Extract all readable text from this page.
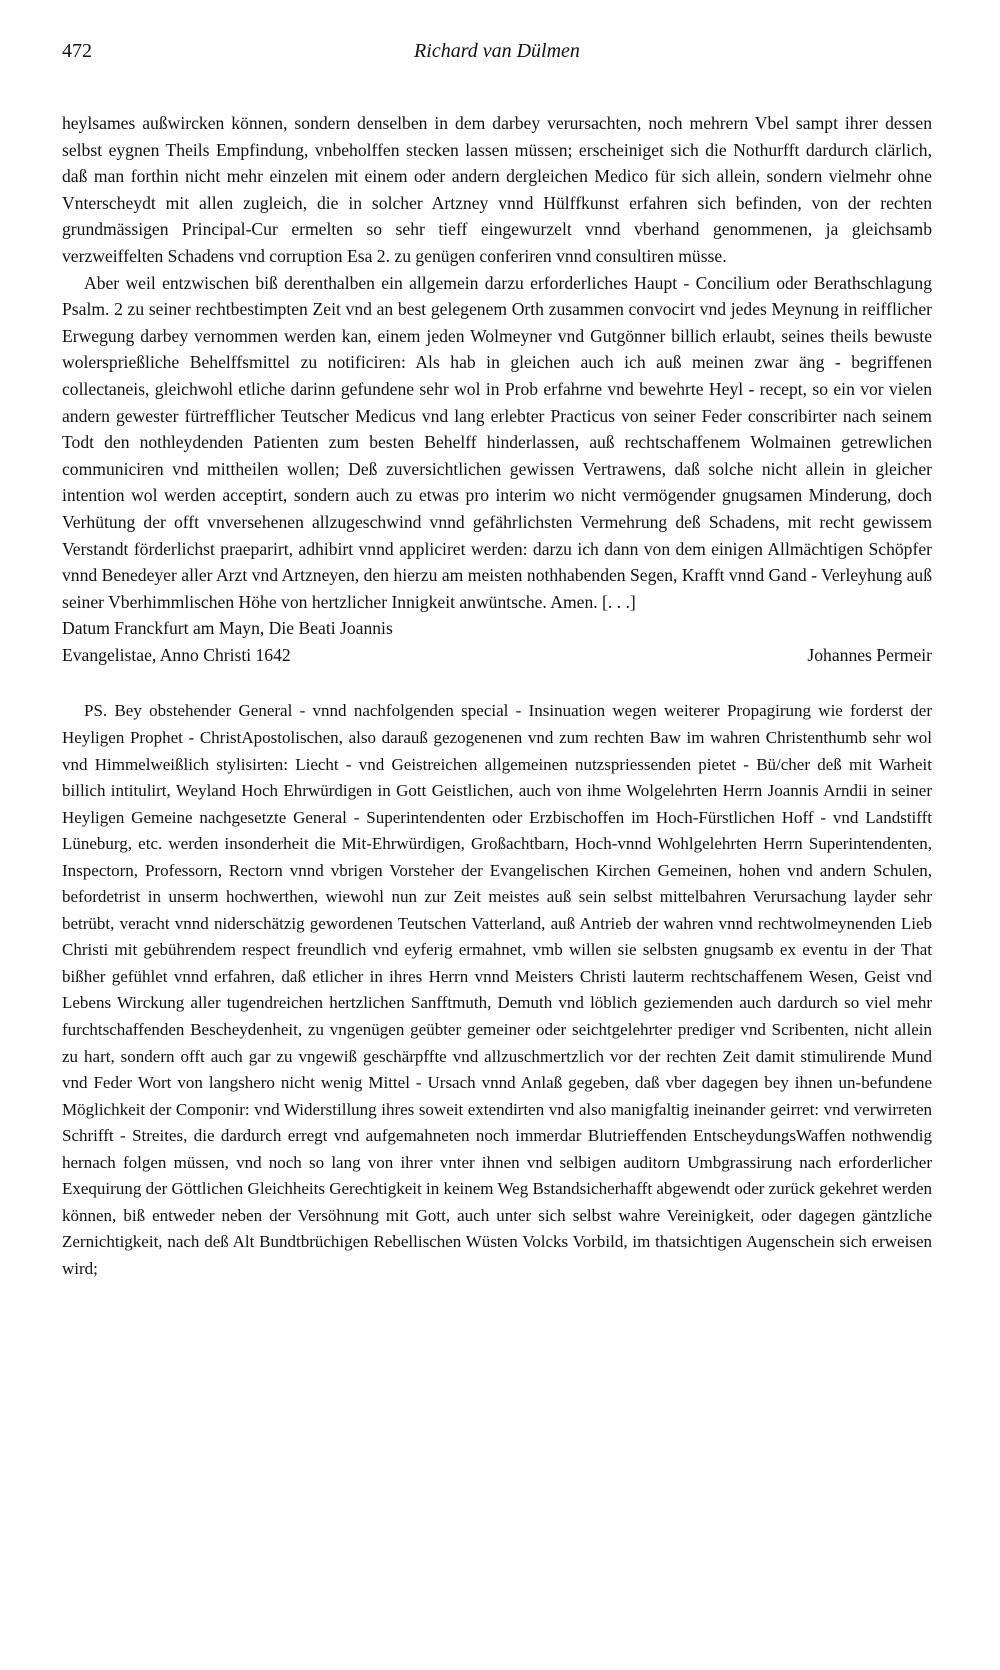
472	Richard van Dülmen

heylsames außwircken können, sondern denselben in dem darbey verursachten, noch mehrern Vbel sampt ihrer dessen selbst eygnen Theils Empfindung, vnbeholffen stecken lassen müssen; erscheiniget sich die Nothurfft dardurch clärlich, daß man forthin nicht mehr einzelen mit einem oder andern dergleichen Medico für sich allein, sondern vielmehr ohne Vnterscheydt mit allen zugleich, die in solcher Artzney vnnd Hülffkunst erfahren sich befinden, von der rechten grundmässigen Principal-Cur ermelten so sehr tieff eingewurzelt vnnd vberhand genommenen, ja gleichsamb verzweiffelten Schadens vnd corruption Esa 2. zu genügen conferiren vnnd consultiren müsse.

Aber weil entzwischen biß derenthalben ein allgemein darzu erforderliches Haupt - Concilium oder Berathschlagung Psalm. 2 zu seiner rechtbestimpten Zeit vnd an best gelegenem Orth zusammen convocirt vnd jedes Meynung in reifflicher Erwegung darbey vernommen werden kan, einem jeden Wolmeyner vnd Gutgönner billich erlaubt, seines theils bewuste wolersprießliche Behelffsmittel zu notificiren: Als hab in gleichen auch ich auß meinen zwar äng - begriffenen collectaneis, gleichwohl etliche darinn gefundene sehr wol in Prob erfahrne vnd bewehrte Heyl - recept, so ein vor vielen andern gewester fürtrefflicher Teutscher Medicus vnd lang erlebter Practicus von seiner Feder conscribirter nach seinem Todt den nothleydenden Patienten zum besten Behelff hinderlassen, auß rechtschaffenem Wolmainen getrewlichen communiciren vnd mittheilen wollen; Deß zuversichtlichen gewissen Vertrawens, daß solche nicht allein in gleicher intention wol werden acceptirt, sondern auch zu etwas pro interim wo nicht vermögender gnugsamen Minderung, doch Verhütung der offt vnversehenen allzugeschwind vnnd gefährlichsten Vermehrung deß Schadens, mit recht gewissem Verstandt förderlichst praeparirt, adhibirt vnnd appliciret werden: darzu ich dann von dem einigen Allmächtigen Schöpfer vnnd Benedeyer aller Arzt vnd Artzneyen, den hierzu am meisten nothhabenden Segen, Krafft vnnd Gand - Verleyhung auß seiner Vberhimmlischen Höhe von hertzlicher Innigkeit anwüntsche. Amen. [. . .]

Datum Franckfurt am Mayn, Die Beati Joannis

Evangelistae, Anno Christi 1642	Johannes Permeir

PS. Bey obstehender General - vnnd nachfolgenden special - Insinuation wegen weiterer Propagirung wie forderst der Heyligen Prophet - ChristApostolischen, also darauß gezogenenen vnd zum rechten Baw im wahren Christenthumb sehr wol vnd Himmelweißlich stylisirten: Liecht - vnd Geistreichen allgemeinen nutzspriessenden pietet - Bü/cher deß mit Warheit billich intitulirt, Weyland Hoch Ehrwürdigen in Gott Geistlichen, auch von ihme Wolgelehrten Herrn Joannis Arndii in seiner Heyligen Gemeine nachgesetzte General - Superintendenten oder Erzbischoffen im Hoch-Fürstlichen Hoff - vnd Landstifft Lüneburg, etc. werden insonderheit die Mit-Ehrwürdigen, Großachtbarn, Hoch-vnnd Wohlgelehrten Herrn Superintendenten, Inspectorn, Professorn, Rectorn vnnd vbrigen Vorsteher der Evangelischen Kirchen Gemeinen, hohen vnd andern Schulen, befordetrist in unserm hochwerthen, wiewohl nun zur Zeit meistes auß sein selbst mittelbahren Verursachung layder sehr betrübt, veracht vnnd niderschätzig gewordenen Teutschen Vatterland, auß Antrieb der wahren vnnd rechtwolmeynenden Lieb Christi mit gebührendem respect freundlich vnd eyferig ermahnet, vmb willen sie selbsten gnugsamb ex eventu in der That bißher gefühlet vnnd erfahren, daß etlicher in ihres Herrn vnnd Meisters Christi lauterm rechtschaffenem Wesen, Geist vnd Lebens Wirckung aller tugendreichen hertzlichen Sanfftmuth, Demuth vnd löblich geziemenden auch dardurch so viel mehr furchtschaffenden Bescheydenheit, zu vngenügen geübter gemeiner oder seichtgelehrter prediger vnd Scribenten, nicht allein zu hart, sondern offt auch gar zu vngewiß geschärpffte vnd allzuschmertzlich vor der rechten Zeit damit stimulirende Mund vnd Feder Wort von langshero nicht wenig Mittel - Ursach vnnd Anlaß gegeben, daß vber dagegen bey ihnen un-befundene Möglichkeit der Componir: vnd Widerstillung ihres soweit extendirten vnd also manigfaltig ineinander geirret: vnd verwirreten Schrifft - Streites, die dardurch erregt vnd aufgemahneten noch immerdar Blutrieffenden EntscheydungsWaffen nothwendig hernach folgen müssen, vnd noch so lang von ihrer vnter ihnen vnd selbigen auditorn Umbgrassirung nach erforderlicher Exequirung der Göttlichen Gleichheits Gerechtigkeit in keinem Weg Bstandsicherhafft abgewendt oder zurück gekehret werden können, biß entweder neben der Versöhnung mit Gott, auch unter sich selbst wahre Vereinigkeit, oder dagegen gäntzliche Zernichtigkeit, nach deß Alt Bundtbrüchigen Rebellischen Wüsten Volcks Vorbild, im thatsichtigen Augenschein sich erweisen wird;
